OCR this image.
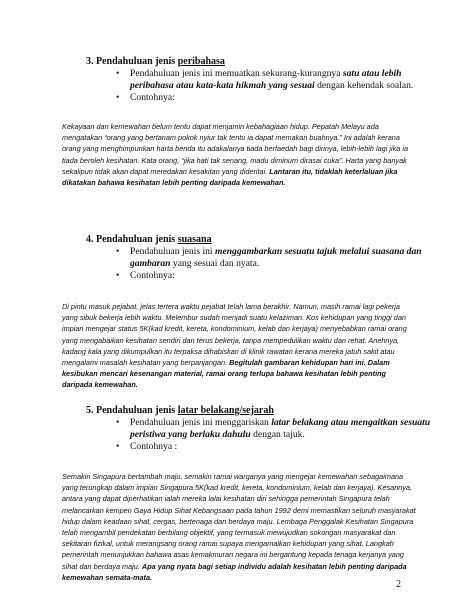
3. Pendahuluan jenis peribahasa
• Pendahuluan jenis ini memuatkan sekurang-kurangnya satu atau lebih peribahasa atau kata-kata hikmah yang sesuai dengan kehendak soalan.
• Contohnya:
Kekayaan dan kemewahan belum tentu dapat menjamin kebahagiaan hidup. Pepatah Melayu ada mengatakan “orang yang bertanam pokok nyiur tak tentu ia dapat memakan buahnya.” Ini adalah kerana orang yang menghimpunkan harta benda itu adakalanya tiada berfaedah bagi dirinya, lebih-lebih lagi jika ia tiada beroleh kesihatan. Kata orang, “jika hati tak senang, madu diminum dirasai cuka”. Harta yang banyak sekalipun tidak akan dapat meredakan kesakitan yang dideritai. Lantaran itu, tidaklah keterlaluan jika dikatakan bahawa kesihatan lebih penting daripada kemewahan.
4. Pendahuluan jenis suasana
• Pendahuluan jenis ini menggambarkan sesuatu tajuk melalui suasana dan gambaran yang sesuai dan nyata.
• Contohnya:
Di pintu masuk pejabat, jelas tertera waktu pejabat telah lama berakhir. Namun, masih ramai lagi pekerja yang sibuk bekerja lebih waktu. Melembur sudah menjadi suatu kelaziman. Kos kehidupan yang tinggi dan impian mengejar status 5K(kad kredit, kereta, kondominium, kelab dan kerjaya) menyebabkan ramai orang yang mengabaikan kesihatan sendiri dan terus bekerja, tanpa mempedulikan waktu dan rehat. Anehnya, kadang kala yang dikumpulkan itu terpaksa dihabiskan di klinik rawatan kerana mereka jatuh sakit atau mengalami masalah kesihatan yang berpanjangan. Begitulah gambaran kehidupan hari ini. Dalam kesibukan mencari kesenangan material, ramai orang terlupa bahawa kesihatan lebih penting daripada kemewahan.
5. Pendahuluan jenis latar belakang/sejarah
• Pendahuluan jenis ini menggariskan latar belakang atau mengaitkan sesuatu peristiwa yang berlaku dahulu dengan tajuk.
• Contohnya :
Semakin Singapura bertambah maju, semakin ramai warganya yang mengejar kemewahan sebagaimana yang terungkap dalam impian Singapura 5K(kad kredit, kereta, kondominium, kelab dan kerjaya). Kesannya, antara yang dapat diperhatikan ialah mereka lalai kesihatan diri sehingga pemerintah Singapura telah melancarkan kempen Gaya Hidup Sihat Kebangsaan pada tahun 1992 demi memastikan seluruh masyarakat hidup dalam keadaan sihat, cergas, bertenaga dan berdaya maju. Lembaga Penggalak Kesihatan Singapura telah mengambil pendekatan berbilang objektif, yang termasuk mewujudkan sokongan masyarakat dan sekitaran fizikal, untuk merangsang orang ramai supaya mengamalkan kehidupan yang sihat. Langkah pemerintah menunjukkan bahawa asas kemakmuran negara ini bergantung kepada tenaga kerjanya yang sihat dan berdaya maju. Apa yang nyata bagi setiap individu adalah kesihatan lebih penting daripada kemewahan semata-mata.
2
